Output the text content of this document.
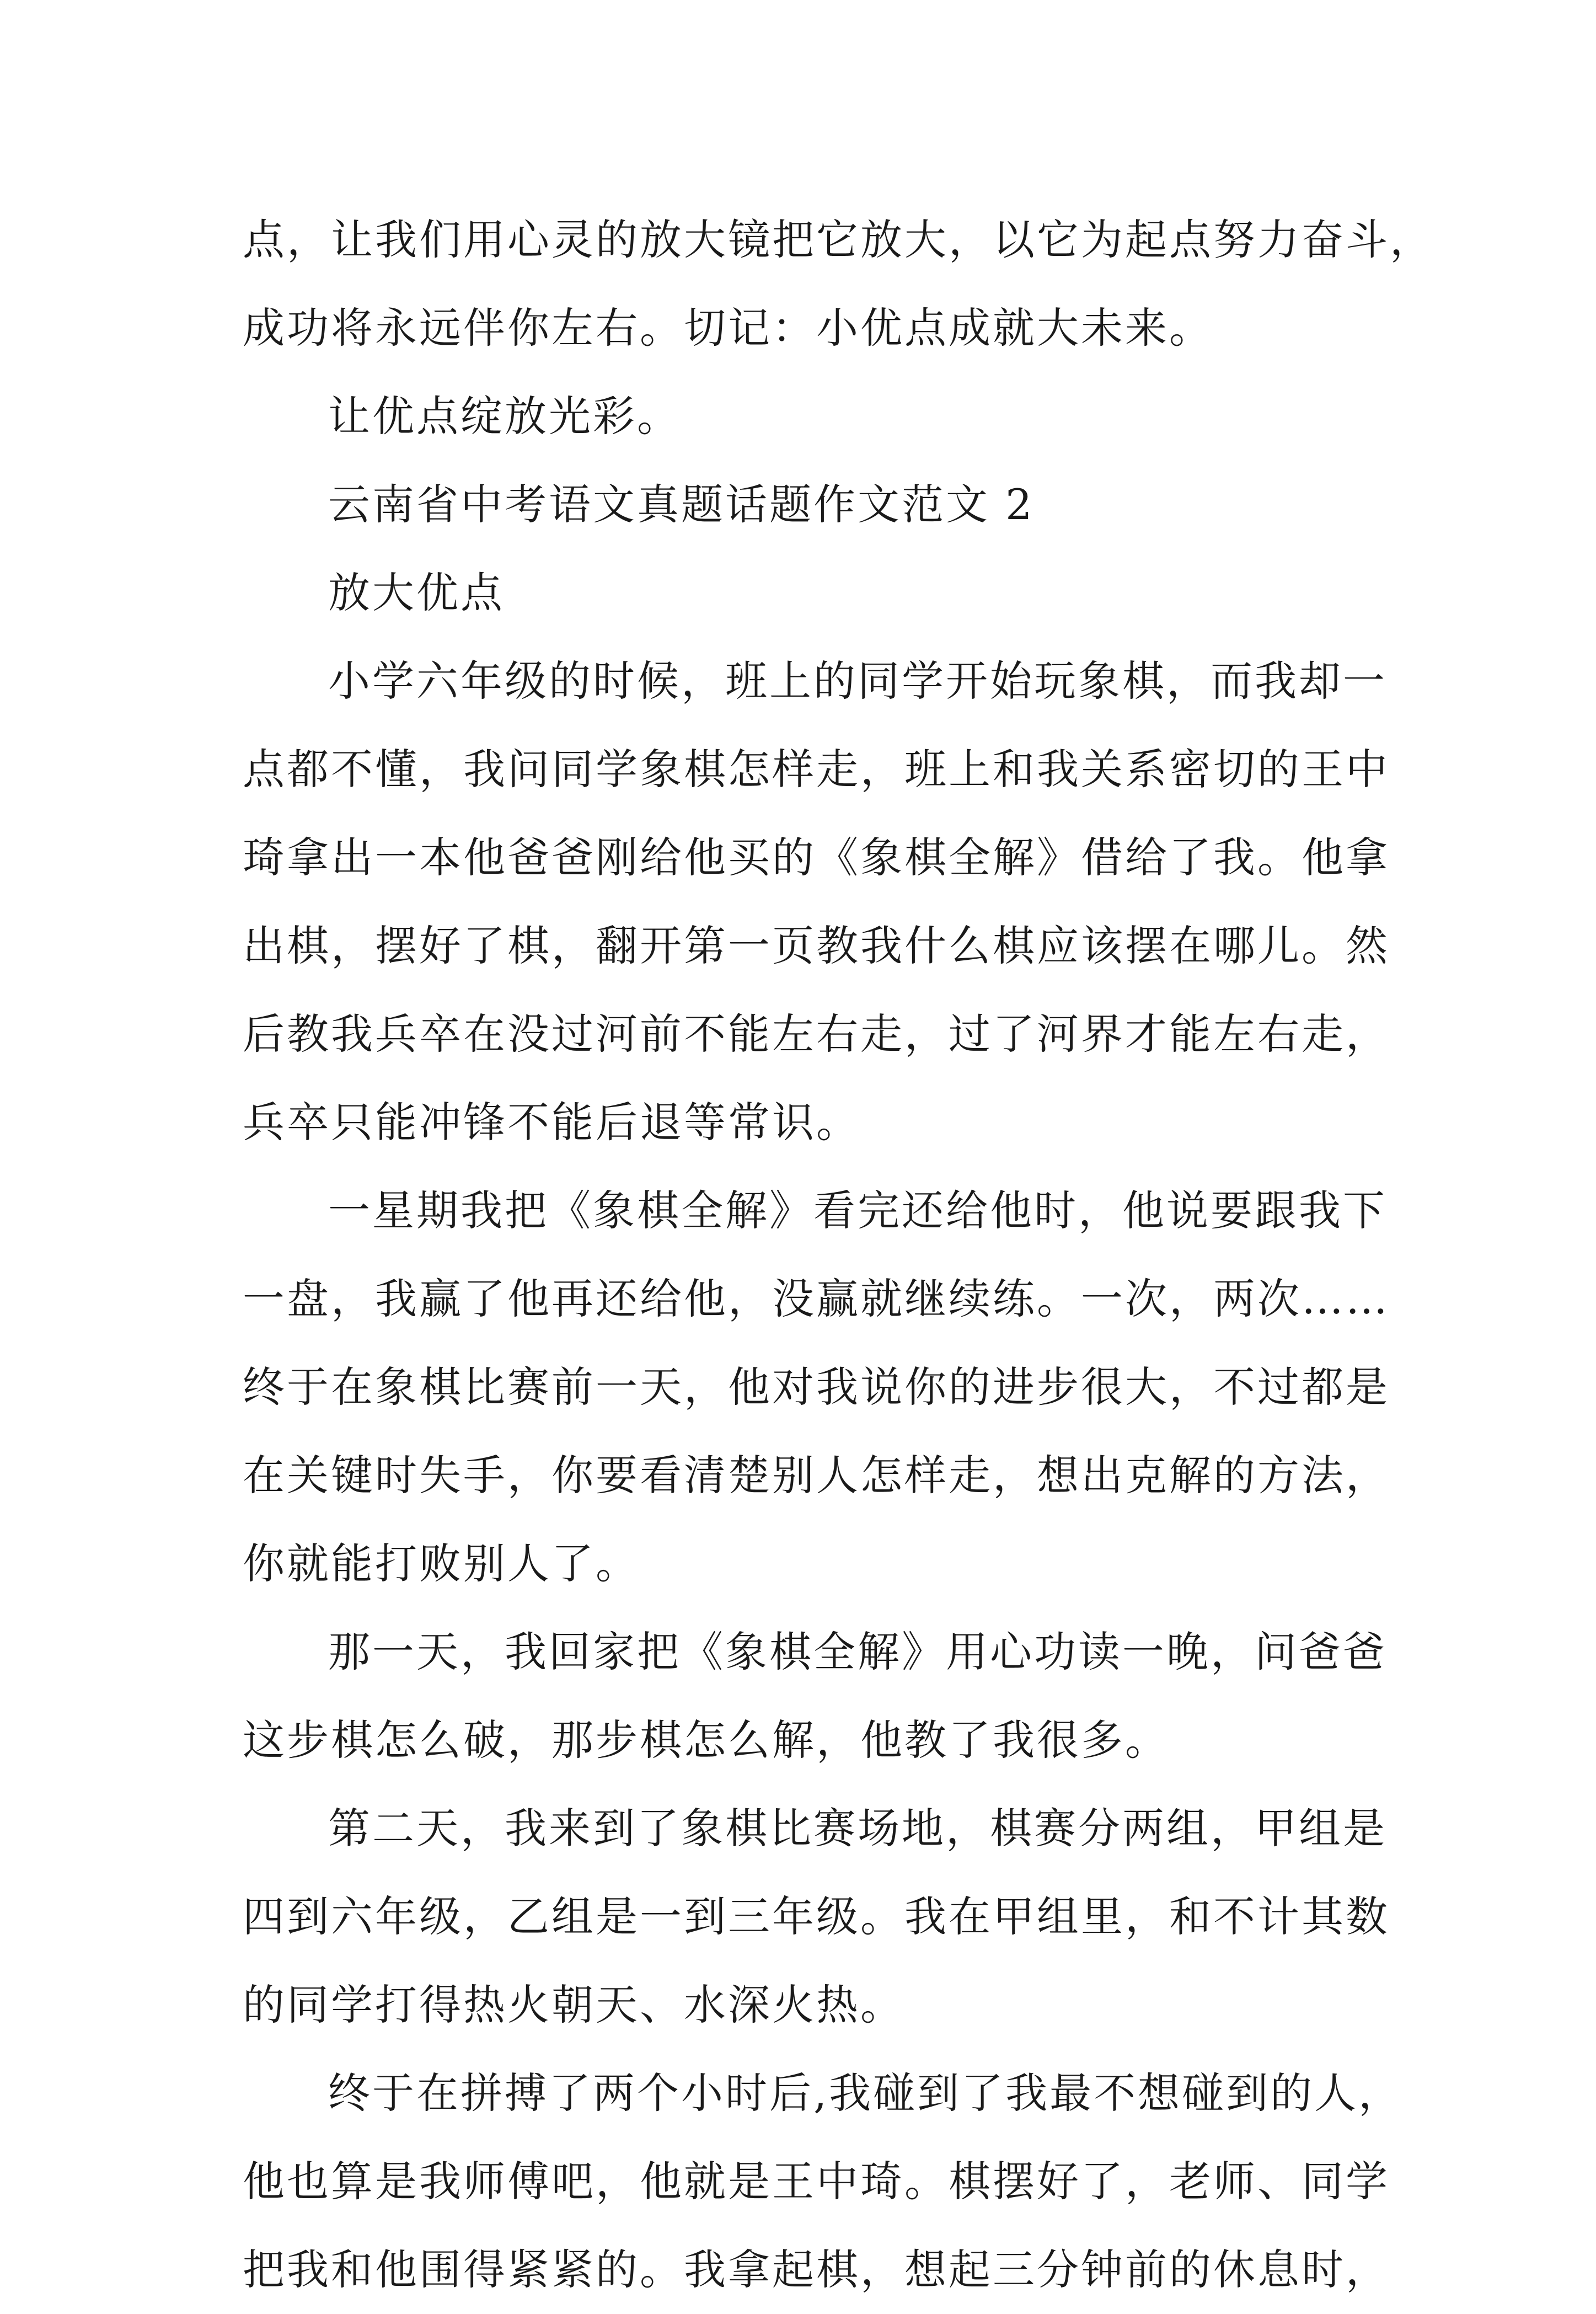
点，让我们用心灵的放大镜把它放大，以它为起点努力奋斗，
成功将永远伴你左右。切记：小优点成就大未来。
让优点绽放光彩。
云南省中考语文真题话题作文范文 2
放大优点
小学六年级的时候，班上的同学开始玩象棋，而我却一
点都不懂，我问同学象棋怎样走，班上和我关系密切的王中
琦拿出一本他爸爸刚给他买的《象棋全解》借给了我。他拿
出棋，摆好了棋，翻开第一页教我什么棋应该摆在哪儿。然
后教我兵卒在没过河前不能左右走，过了河界才能左右走，
兵卒只能冲锋不能后退等常识。
一星期我把《象棋全解》看完还给他时，他说要跟我下
一盘，我赢了他再还给他，没赢就继续练。一次，两次……
终于在象棋比赛前一天，他对我说你的进步很大，不过都是
在关键时失手，你要看清楚别人怎样走，想出克解的方法，
你就能打败别人了。
那一天，我回家把《象棋全解》用心功读一晚，问爸爸
这步棋怎么破，那步棋怎么解，他教了我很多。
第二天，我来到了象棋比赛场地，棋赛分两组，甲组是
四到六年级，乙组是一到三年级。我在甲组里，和不计其数
的同学打得热火朝天、水深火热。
终于在拼搏了两个小时后,我碰到了我最不想碰到的人，
他也算是我师傅吧，他就是王中琦。棋摆好了，老师、同学
把我和他围得紧紧的。我拿起棋，想起三分钟前的休息时，
